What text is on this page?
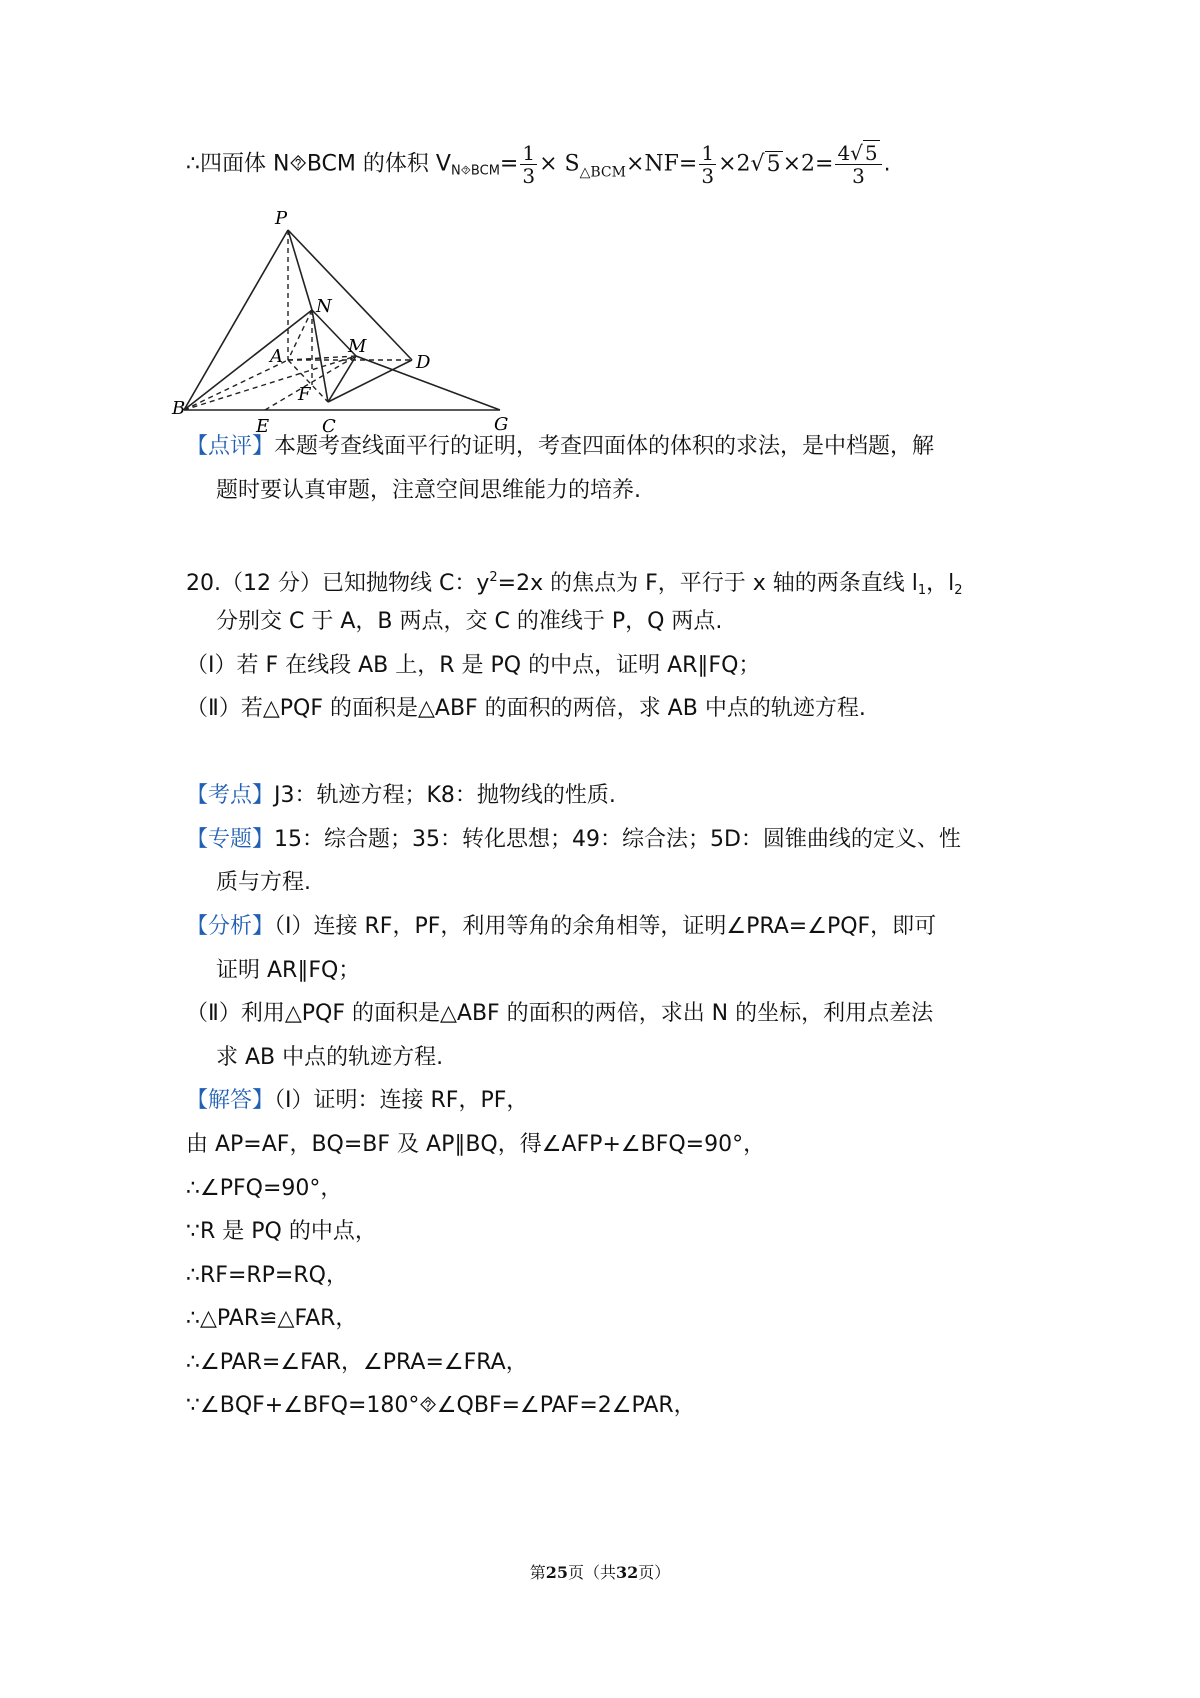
∴四面体 N⯑BCM 的体积 $V_{N⯑BCM}= \frac{1}{3} \times S_{\triangle BCM}\times NF= \frac{1}{3} \times 2√5\times 2= \frac{4√ 5}{3}$ .
P
N
A	M
D
F
B
E	C	G
【点评】本题考查线面平行的证明，考查四面体的体积的求法，是中档题，解
题时要认真审题，注意空间思维能力的培养.
20.（12 分）已知抛物线 C：$y^2=2x$ 的焦点为 F，平行于 x 轴的两条直线 $l_1$，$l_2$
分别交 C 于 A，B 两点，交 C 的准线于 P，Q 两点.
（Ⅰ）若 F 在线段 AB 上，R 是 PQ 的中点，证明 AR∥FQ；
（Ⅱ）若△PQF 的面积是△ABF 的面积的两倍，求 AB 中点的轨迹方程.
【考点】J3：轨迹方程；K8：抛物线的性质.
【专题】15：综合题；35：转化思想；49：综合法；5D：圆锥曲线的定义、性
质与方程.
【分析】（Ⅰ）连接 RF，PF，利用等角的余角相等，证明∠PRA=∠PQF，即可
证明 AR∥FQ；
（Ⅱ）利用△PQF 的面积是△ABF 的面积的两倍，求出 N 的坐标，利用点差法
求 AB 中点的轨迹方程.
【解答】（Ⅰ）证明：连接 RF，PF，
由 AP=AF，BQ=BF 及 AP∥BQ，得∠AFP+∠BFQ=90°，
∴∠PFQ=90°，
∵R 是 PQ 的中点，
∴RF=RP=RQ，
∴△PAR≌△FAR，
∴∠PAR=∠FAR，∠PRA=∠FRA，
∵∠BQF+∠BFQ=180°⯑∠QBF=∠PAF=2∠PAR，
第25页（共32页）
